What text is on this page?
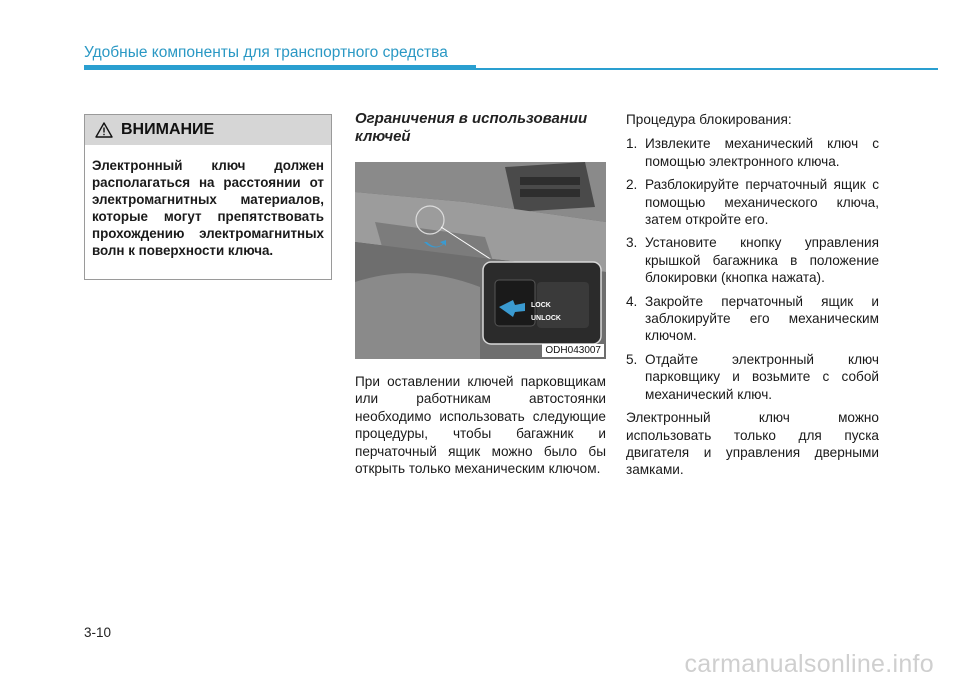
Удобные компоненты для транспортного средства
ВНИМАНИЕ
Электронный ключ должен располагаться на расстоянии от электромагнитных материалов, которые могут препятствовать прохождению электромагнитных волн к поверхности ключа.
Ограничения в использовании ключей
LOCK
UNLOCK
ODH043007
При оставлении ключей парковщикам или работникам автостоянки необходимо использовать следующие процедуры, чтобы багажник и перчаточный ящик можно было бы открыть только механическим ключом.

Процедура блокирования:

1. Извлеките механический ключ с помощью электронного ключа.
2. Разблокируйте перчаточный ящик с помощью механического ключа, затем откройте его.
3. Установите кнопку управления крышкой багажника в положение блокировки (кнопка нажата).
4. Закройте перчаточный ящик и заблокируйте его механическим ключом.
5. Отдайте электронный ключ парковщику и возьмите с собой механический ключ.

Электронный ключ можно использовать только для пуска двигателя и управления дверными замками.

3-10
carmanualsonline.info
